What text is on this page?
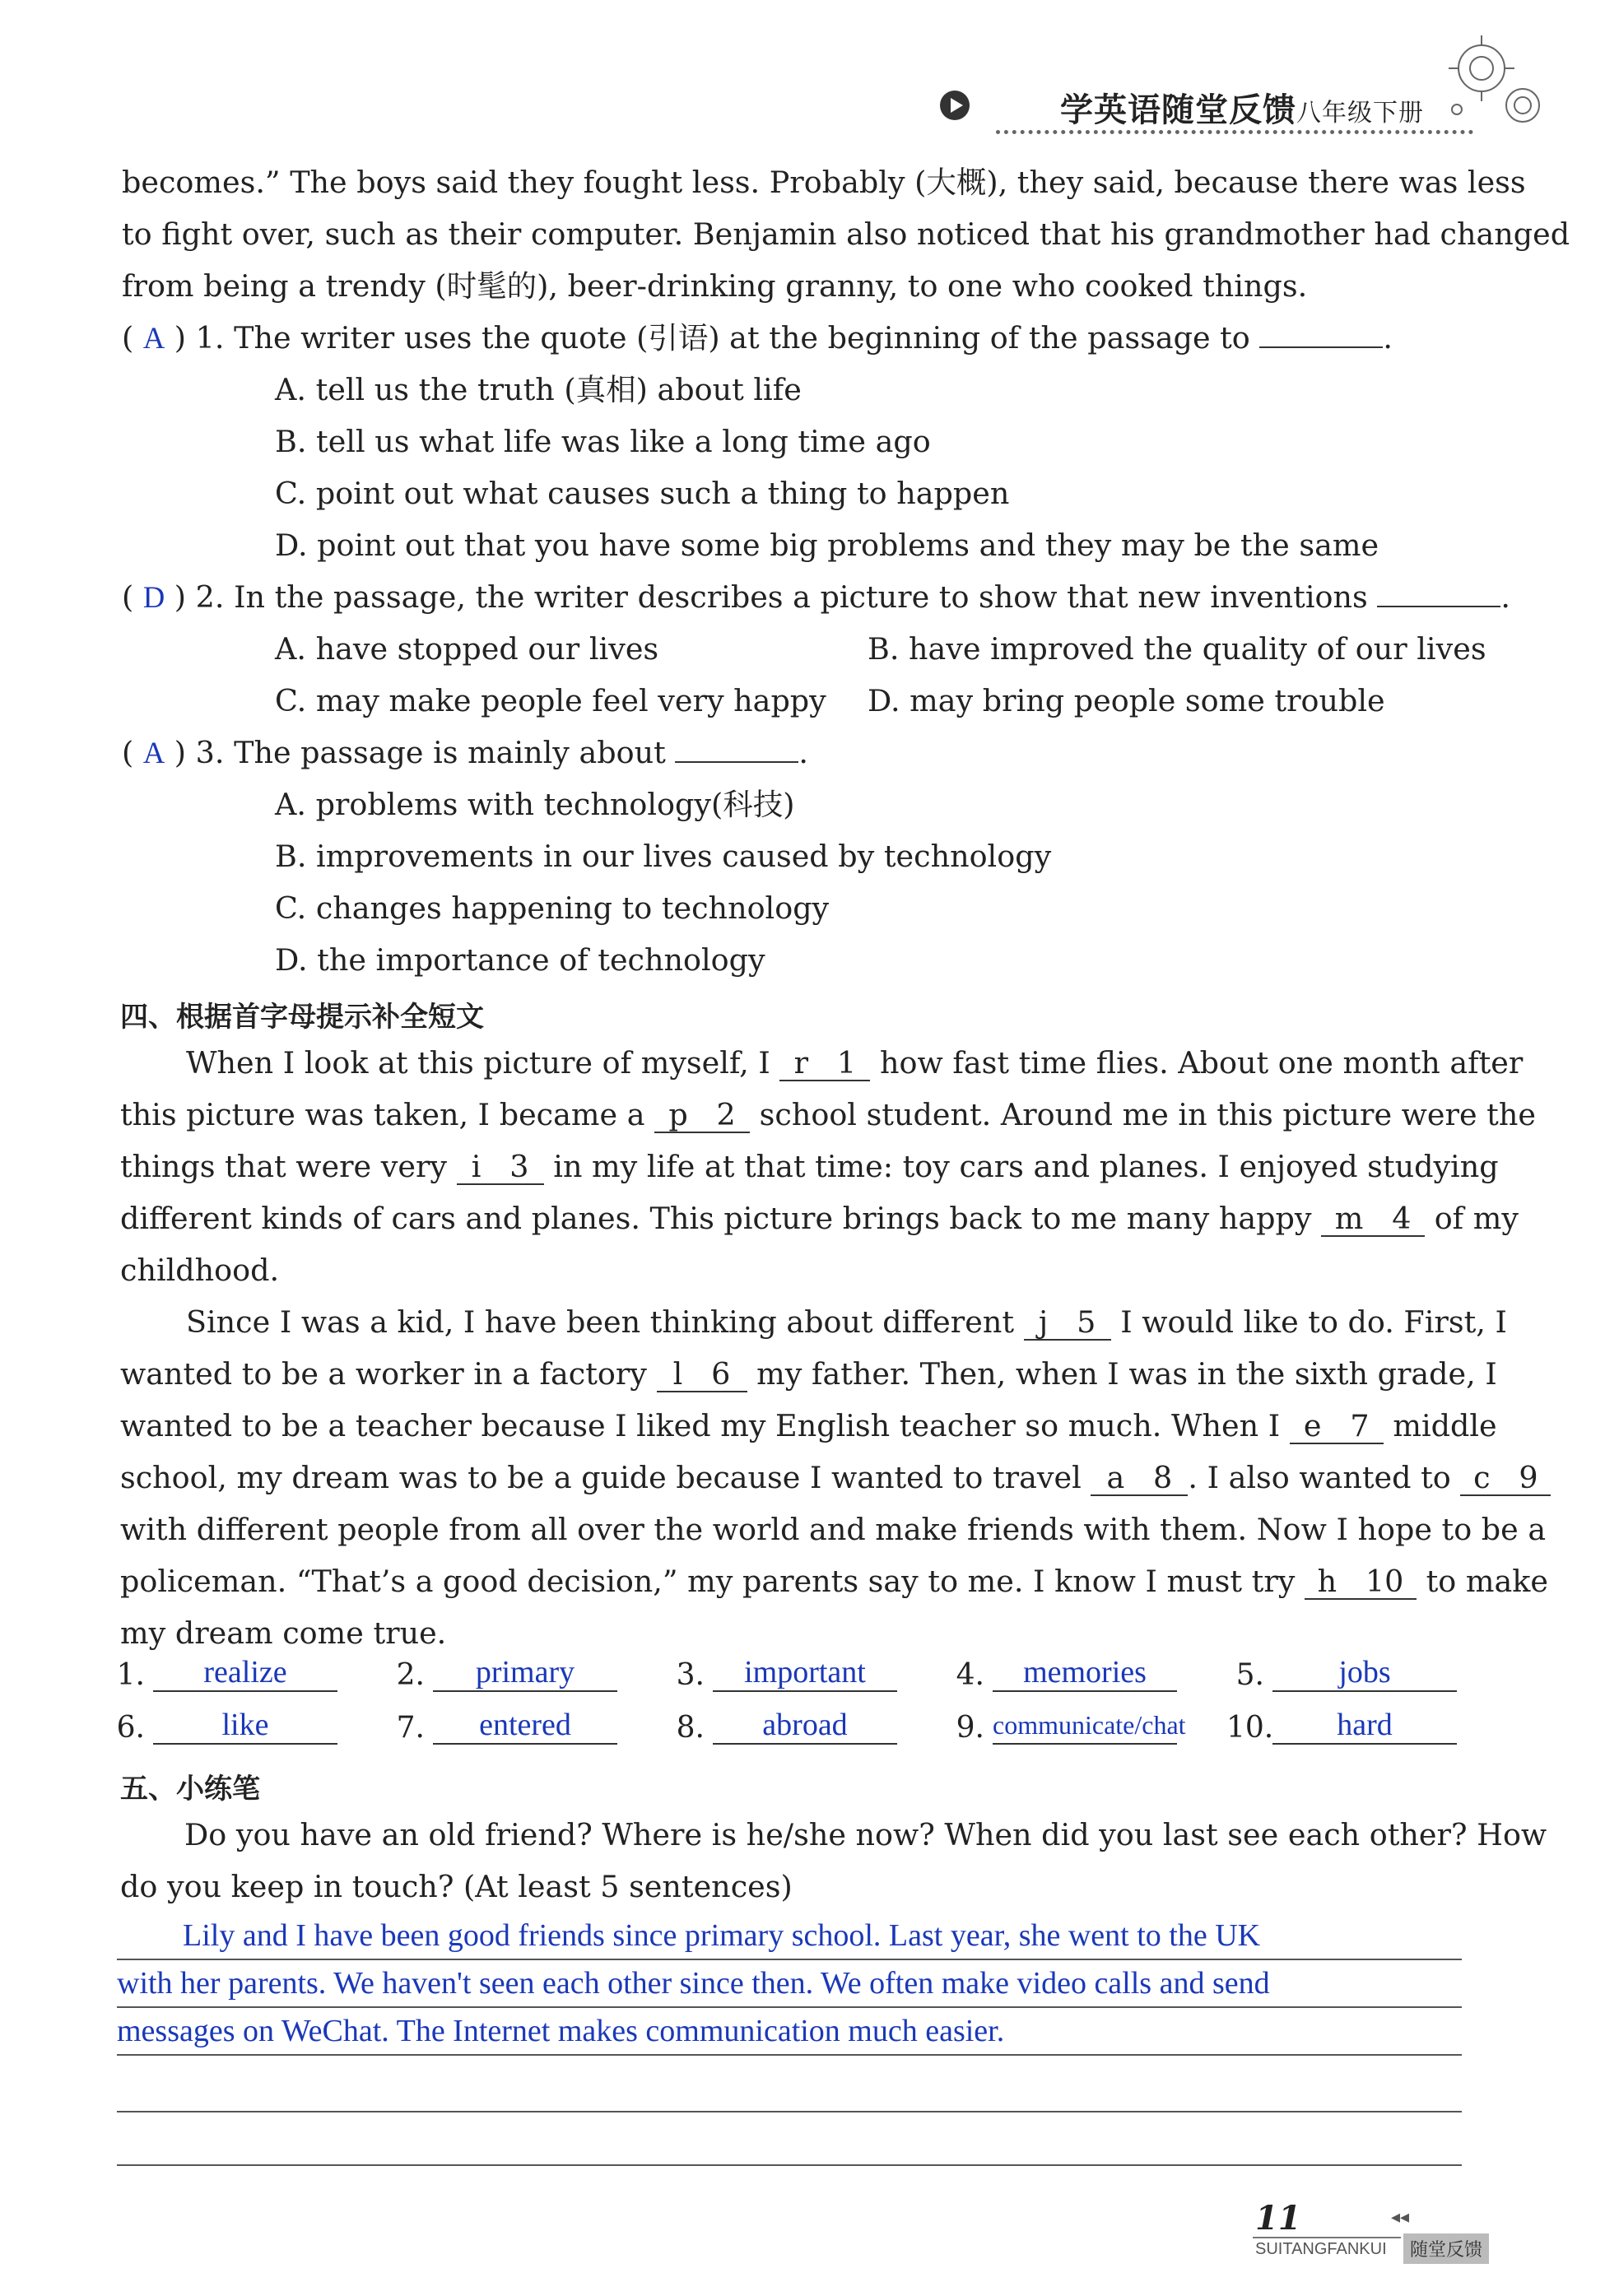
学英语随堂反馈八年级下册
becomes.” The boys said they fought less. Probably (大概), they said, because there was less
to fight over, such as their computer. Benjamin also noticed that his grandmother had changed
from being a trendy (时髦的), beer-drinking granny, to one who cooked things.
( A ) 1. The writer uses the quote (引语) at the beginning of the passage to	.
A. tell us the truth (真相) about life
B. tell us what life was like a long time ago
C. point out what causes such a thing to happen
D. point out that you have some big problems and they may be the same
( D ) 2. In the passage, the writer describes a picture to show that new inventions	.
A. have stopped our lives	B. have improved the quality of our lives
C. may make people feel very happy D. may bring people some trouble
( A ) 3. The passage is mainly about	.
A. problems with technology(科技)
B. improvements in our lives caused by technology
C. changes happening to technology
D. the importance of technology
四、根据首字母提示补全短文
When I look at this picture of myself, I r 1 how fast time flies. About one month after
this picture was taken, I became a p 2 school student. Around me in this picture were the
things that were very i 3 in my life at that time: toy cars and planes. I enjoyed studying
different kinds of cars and planes. This picture brings back to me many happy m 4 of my
childhood.
Since I was a kid, I have been thinking about different j 5 I would like to do. First, I
wanted to be a worker in a factory l 6 my father. Then, when I was in the sixth grade, I
wanted to be a teacher because I liked my English teacher so much. When I e 7 middle
school, my dream was to be a guide because I wanted to travel a 8 . I also wanted to c 9
with different people from all over the world and make friends with them. Now I hope to be a
policeman. “That’s a good decision,” my parents say to me. I know I must try h 10 to make
my dream come true.
1.	realize	2.	primary	3.	important	4.	memories	5.	jobs
6.	like	7.	entered	8.	abroad	9. communicate/chat 10.	hard
五、小练笔
Do you have an old friend? Where is he/she now? When did you last see each other? How
do you keep in touch? (At least 5 sentences)
Lily and I have been good friends since primary school. Last year, she went to the UK
with her parents. We haven't seen each other since then. We often make video calls and send
messages on WeChat. The Internet makes communication much easier.
11	◂◂
SUITANGFANKUI	随堂反馈
